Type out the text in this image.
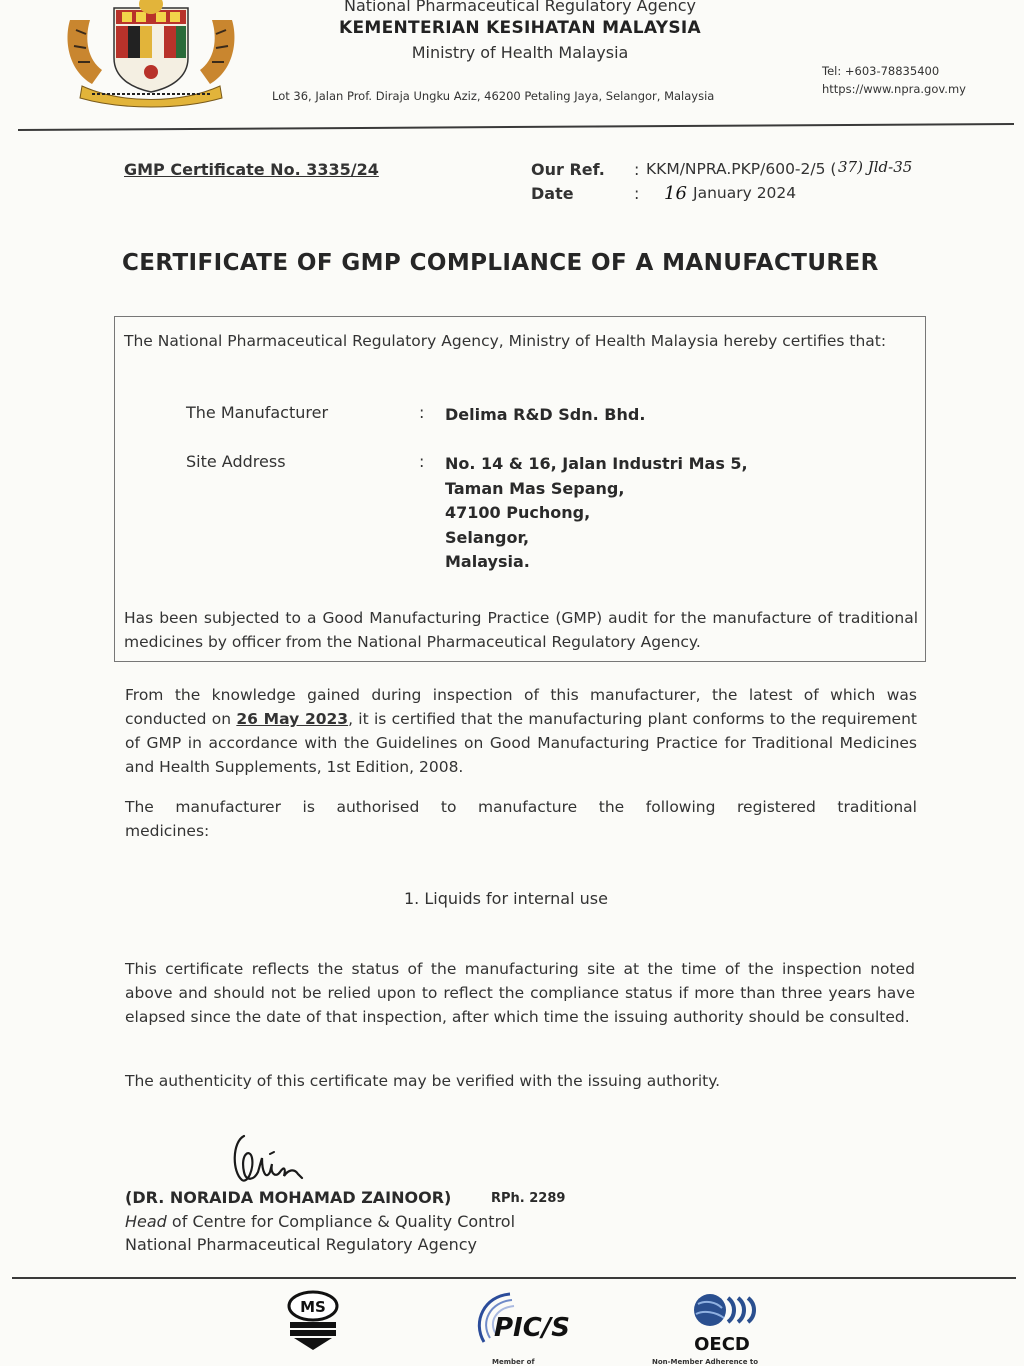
National Pharmaceutical Regulatory Agency
KEMENTERIAN KESIHATAN MALAYSIA
Ministry of Health Malaysia
Lot 36, Jalan Prof. Diraja Ungku Aziz, 46200 Petaling Jaya, Selangor, Malaysia
Tel: +603-78835400
https://www.npra.gov.my
GMP Certificate No. 3335/24	Our Ref. : KKM/NPRA.PKP/600-2/5 ( 37) Jld-35
Date	: 16 January 2024
CERTIFICATE OF GMP COMPLIANCE OF A MANUFACTURER
The National Pharmaceutical Regulatory Agency, Ministry of Health Malaysia hereby certifies that:
The Manufacturer	: Delima R&D Sdn. Bhd.
Site Address	: No. 14 & 16, Jalan Industri Mas 5,
Taman Mas Sepang,
47100 Puchong,
Selangor,
Malaysia.
Has been subjected to a Good Manufacturing Practice (GMP) audit for the manufacture of traditional medicines by officer from the National Pharmaceutical Regulatory Agency.
From the knowledge gained during inspection of this manufacturer, the latest of which was conducted on 26 May 2023, it is certified that the manufacturing plant conforms to the requirement of GMP in accordance with the Guidelines on Good Manufacturing Practice for Traditional Medicines and Health Supplements, 1st Edition, 2008.
The manufacturer is authorised to manufacture the following registered traditional
medicines:
1. Liquids for internal use
This certificate reflects the status of the manufacturing site at the time of the inspection noted above and should not be relied upon to reflect the compliance status if more than three years have elapsed since the date of that inspection, after which time the issuing authority should be consulted.
The authenticity of this certificate may be verified with the issuing authority.
(DR. NORAIDA MOHAMAD ZAINOOR)	RPh. 2289
Head of Centre for Compliance & Quality Control
National Pharmaceutical Regulatory Agency
MS
PIC/S
OECD
Member of	Non-Member Adherence to
